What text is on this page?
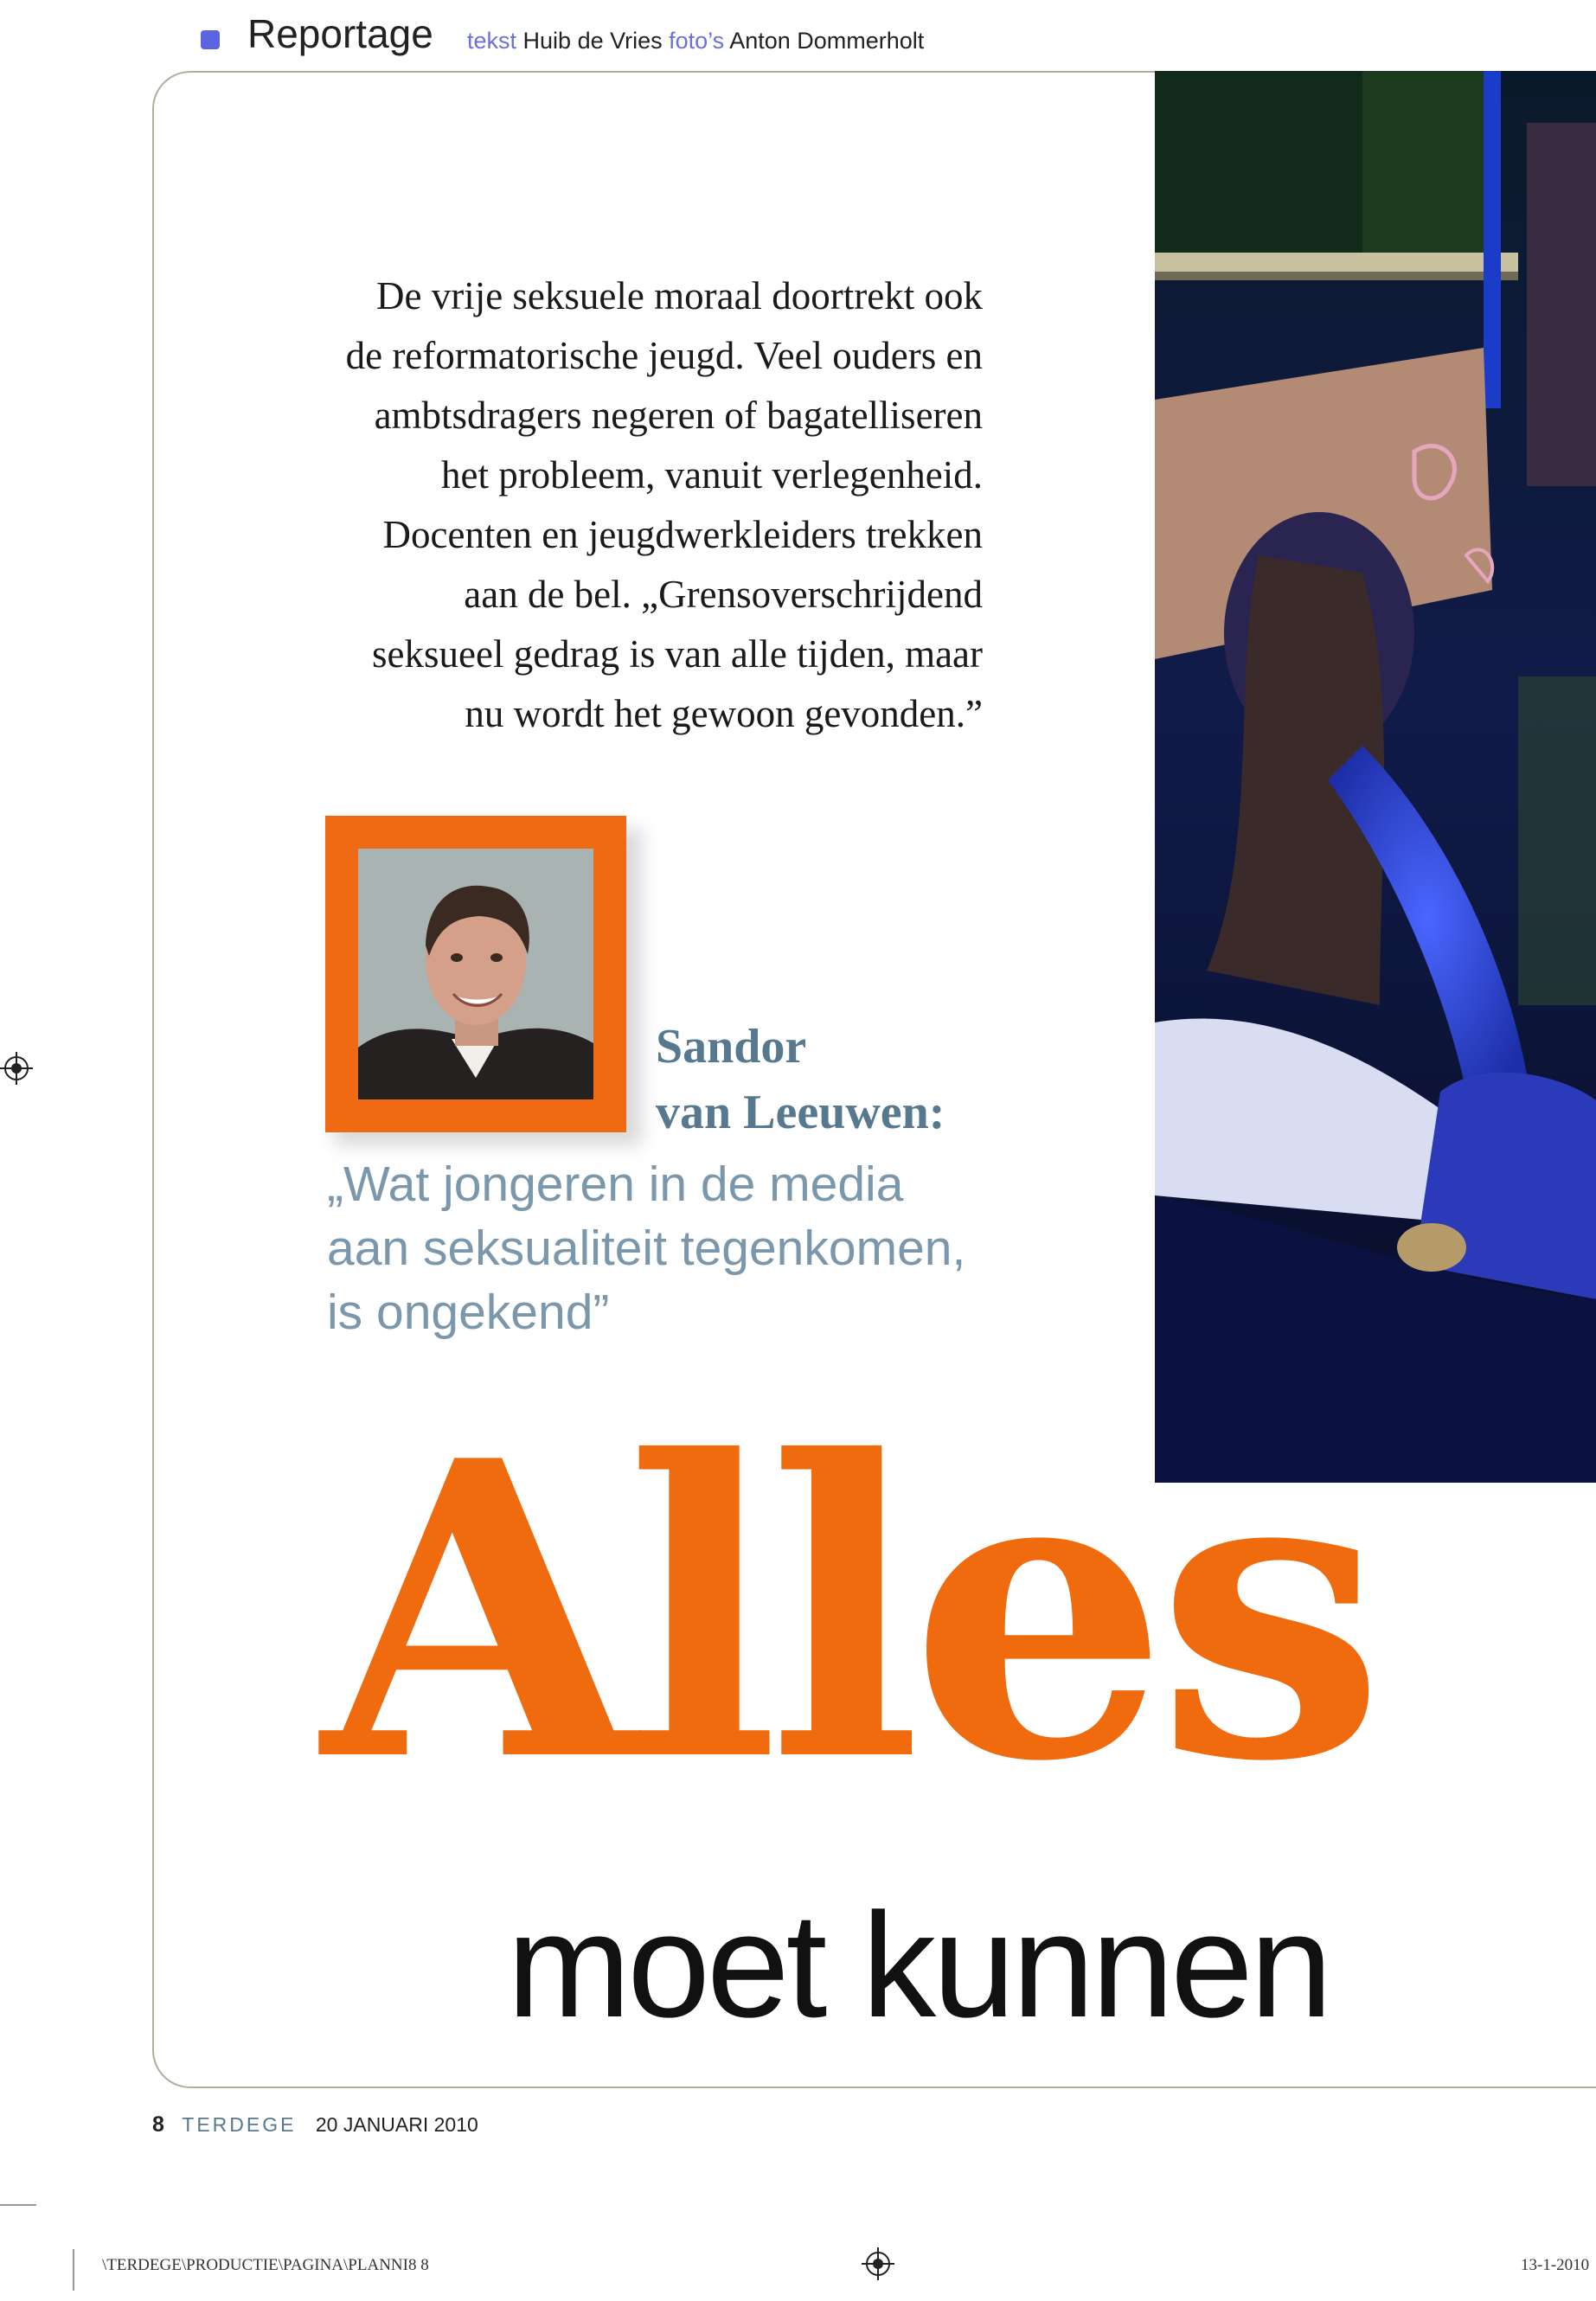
Reportage tekst Huib de Vries foto’s Anton Dommerholt
De vrije seksuele moraal doortrekt ook
de reformatorische jeugd. Veel ouders en
ambtsdragers negeren of bagatelliseren
het probleem, vanuit verlegenheid.
Docenten en jeugdwerkleiders trekken
aan de bel. „Grensoverschrijdend
seksueel gedrag is van alle tijden, maar
nu wordt het gewoon gevonden.”
Sandor
van Leeuwen:
„Wat jongeren in de media
aan seksualiteit tegenkomen,
is ongekend”
Alles
moet kunnen
8 TERDEGE 20 JANUARI 2010
\TERDEGE\PRODUCTIE\PAGINA\PLANNI8 8	13-1-2010
